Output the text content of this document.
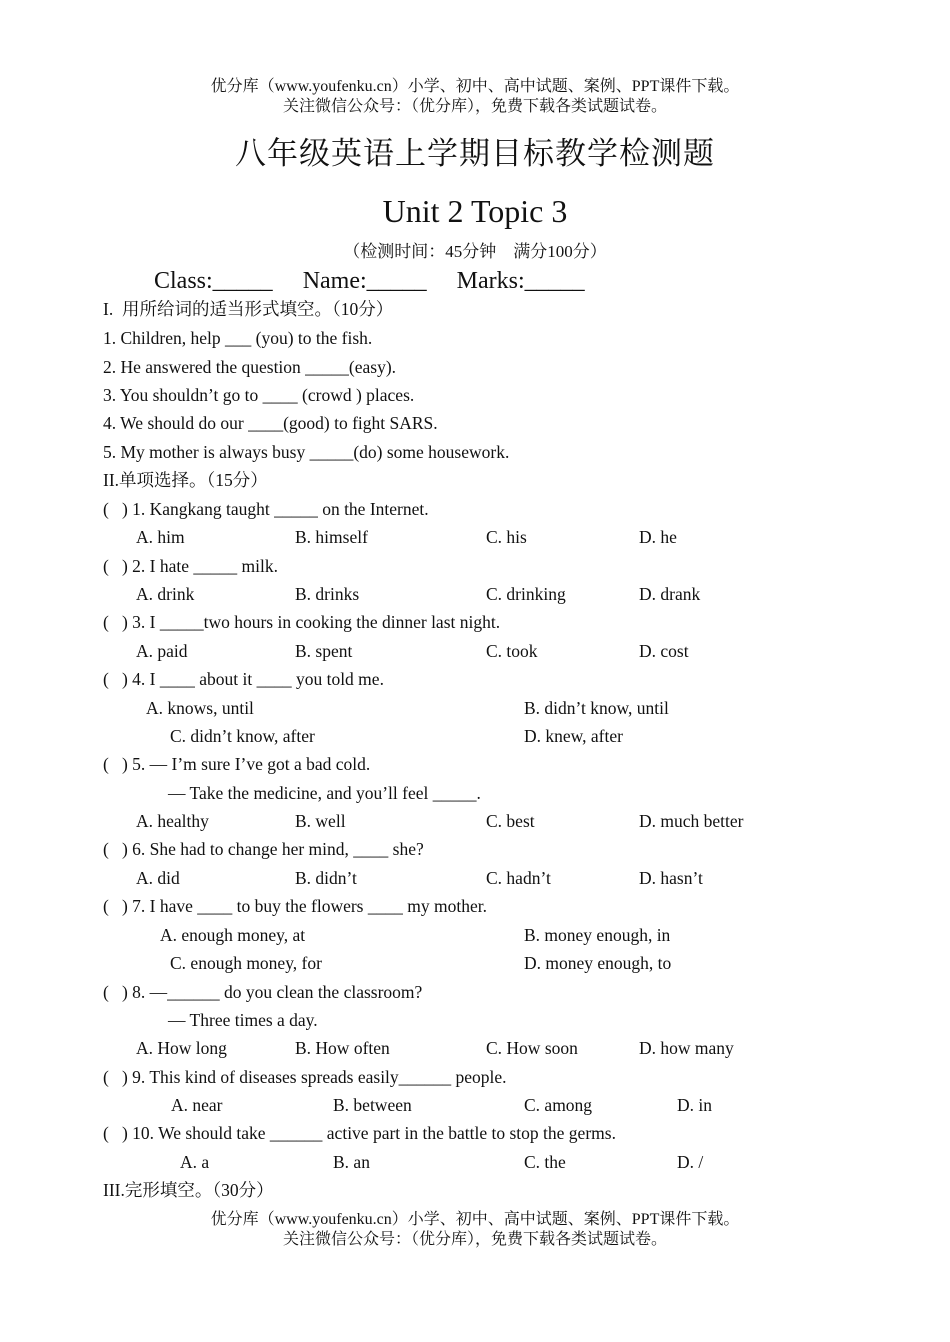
优分库（www.youfenku.cn）小学、初中、高中试题、案例、PPT课件下载。
关注微信公众号：（优分库），免费下载各类试题试卷。
八年级英语上学期目标教学检测题
Unit 2 Topic 3
（检测时间：45分钟　满分100分）
Class:_____ Name:_____ Marks:_____
I.  用所给词的适当形式填空。（10分）
1. Children, help ___ (you) to the fish.
2. He answered the question _____(easy).
3. You shouldn’t go to ____ (crowd ) places.
4. We should do our ____(good) to fight SARS.
5. My mother is always busy _____(do) some housework.
II.单项选择。（15分）
(   ) 1. Kangkang taught _____ on the Internet.
A. him	B. himself	C. his	D. he
(   ) 2. I hate _____ milk.
A. drink	B. drinks	C. drinking	D. drank
(   ) 3. I _____two hours in cooking the dinner last night.
A. paid	B. spent	C. took	D. cost
(   ) 4. I ____ about it ____ you told me.
A. knows, until	B. didn’t know, until
C. didn’t know, after	D. knew, after
(   ) 5. — I’m sure I’ve got a bad cold.
— Take the medicine, and you’ll feel _____.
A. healthy	B. well	C. best	D. much better
(   ) 6. She had to change her mind, ____ she?
A. did	B. didn’t	C. hadn’t	D. hasn’t
(   ) 7. I have ____ to buy the flowers ____ my mother.
A. enough money, at	B. money enough, in
C. enough money, for	D. money enough, to
(   ) 8. —______ do you clean the classroom?
— Three times a day.
A. How long	B. How often	C. How soon	D. how many
(   ) 9. This kind of diseases spreads easily______ people.
A. near	B. between	C. among	D. in
(   ) 10. We should take ______ active part in the battle to stop the germs.
A. a	B. an	C. the	D. /
III.完形填空。（30分）
优分库（www.youfenku.cn）小学、初中、高中试题、案例、PPT课件下载。
关注微信公众号：（优分库），免费下载各类试题试卷。
